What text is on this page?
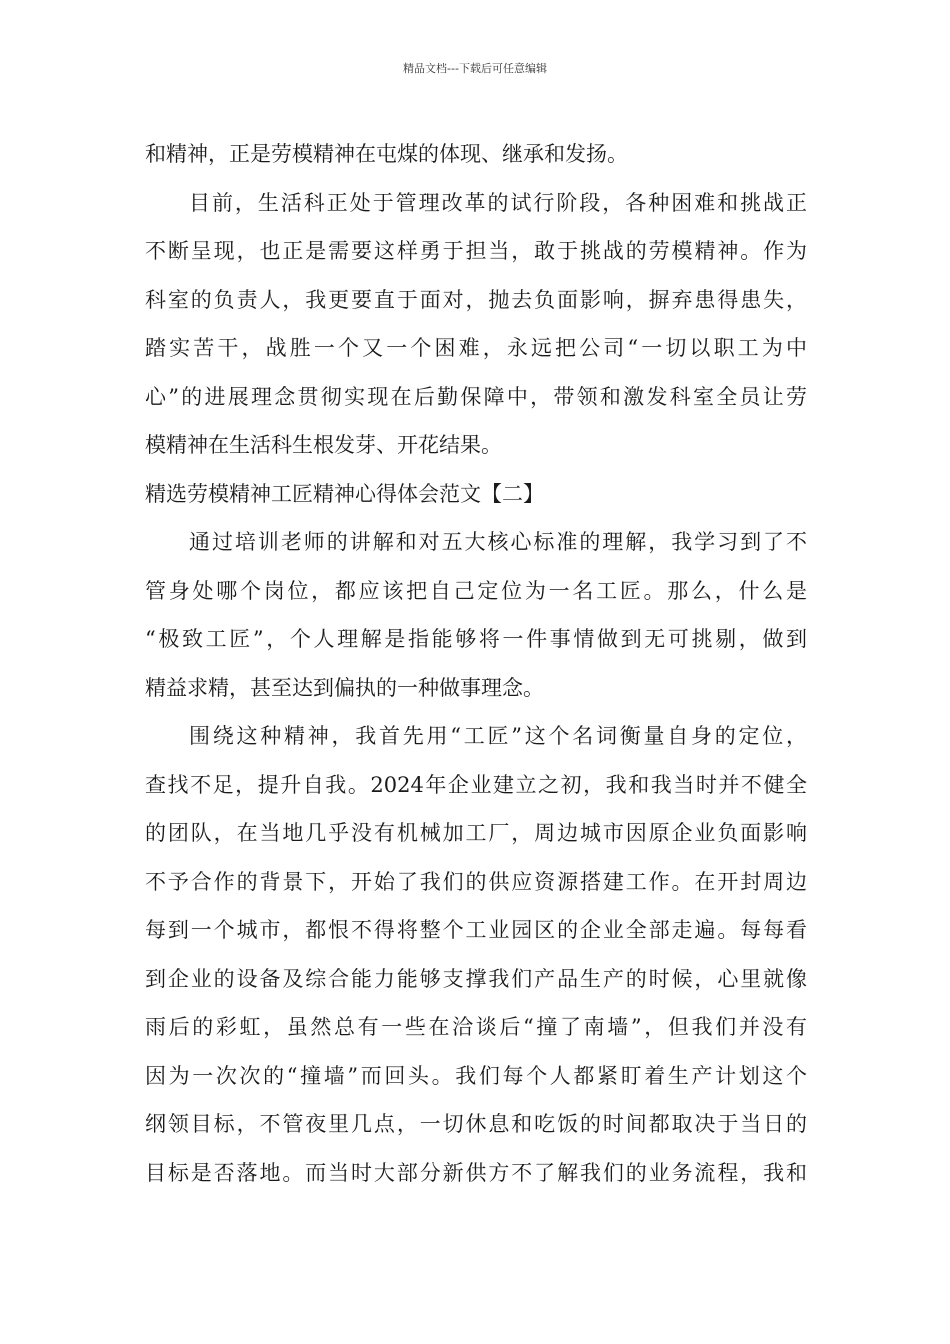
精品文档---下载后可任意编辑
和精神，正是劳模精神在屯煤的体现、继承和发扬。
目前，生活科正处于管理改革的试行阶段，各种困难和挑战正
不断呈现，也正是需要这样勇于担当，敢于挑战的劳模精神。作为
科室的负责人，我更要直于面对，抛去负面影响，摒弃患得患失，
踏实苦干，战胜一个又一个困难，永远把公司“一切以职工为中
心”的进展理念贯彻实现在后勤保障中，带领和激发科室全员让劳
模精神在生活科生根发芽、开花结果。
精选劳模精神工匠精神心得体会范文【二】
通过培训老师的讲解和对五大核心标准的理解，我学习到了不
管身处哪个岗位，都应该把自己定位为一名工匠。那么，什么是
“极致工匠”，个人理解是指能够将一件事情做到无可挑剔，做到
精益求精，甚至达到偏执的一种做事理念。
围绕这种精神，我首先用“工匠”这个名词衡量自身的定位，
查找不足，提升自我。2024年企业建立之初，我和我当时并不健全
的团队，在当地几乎没有机械加工厂，周边城市因原企业负面影响
不予合作的背景下，开始了我们的供应资源搭建工作。在开封周边
每到一个城市，都恨不得将整个工业园区的企业全部走遍。每每看
到企业的设备及综合能力能够支撑我们产品生产的时候，心里就像
雨后的彩虹，虽然总有一些在洽谈后“撞了南墙”，但我们并没有
因为一次次的“撞墙”而回头。我们每个人都紧盯着生产计划这个
纲领目标，不管夜里几点，一切休息和吃饭的时间都取决于当日的
目标是否落地。而当时大部分新供方不了解我们的业务流程，我和
